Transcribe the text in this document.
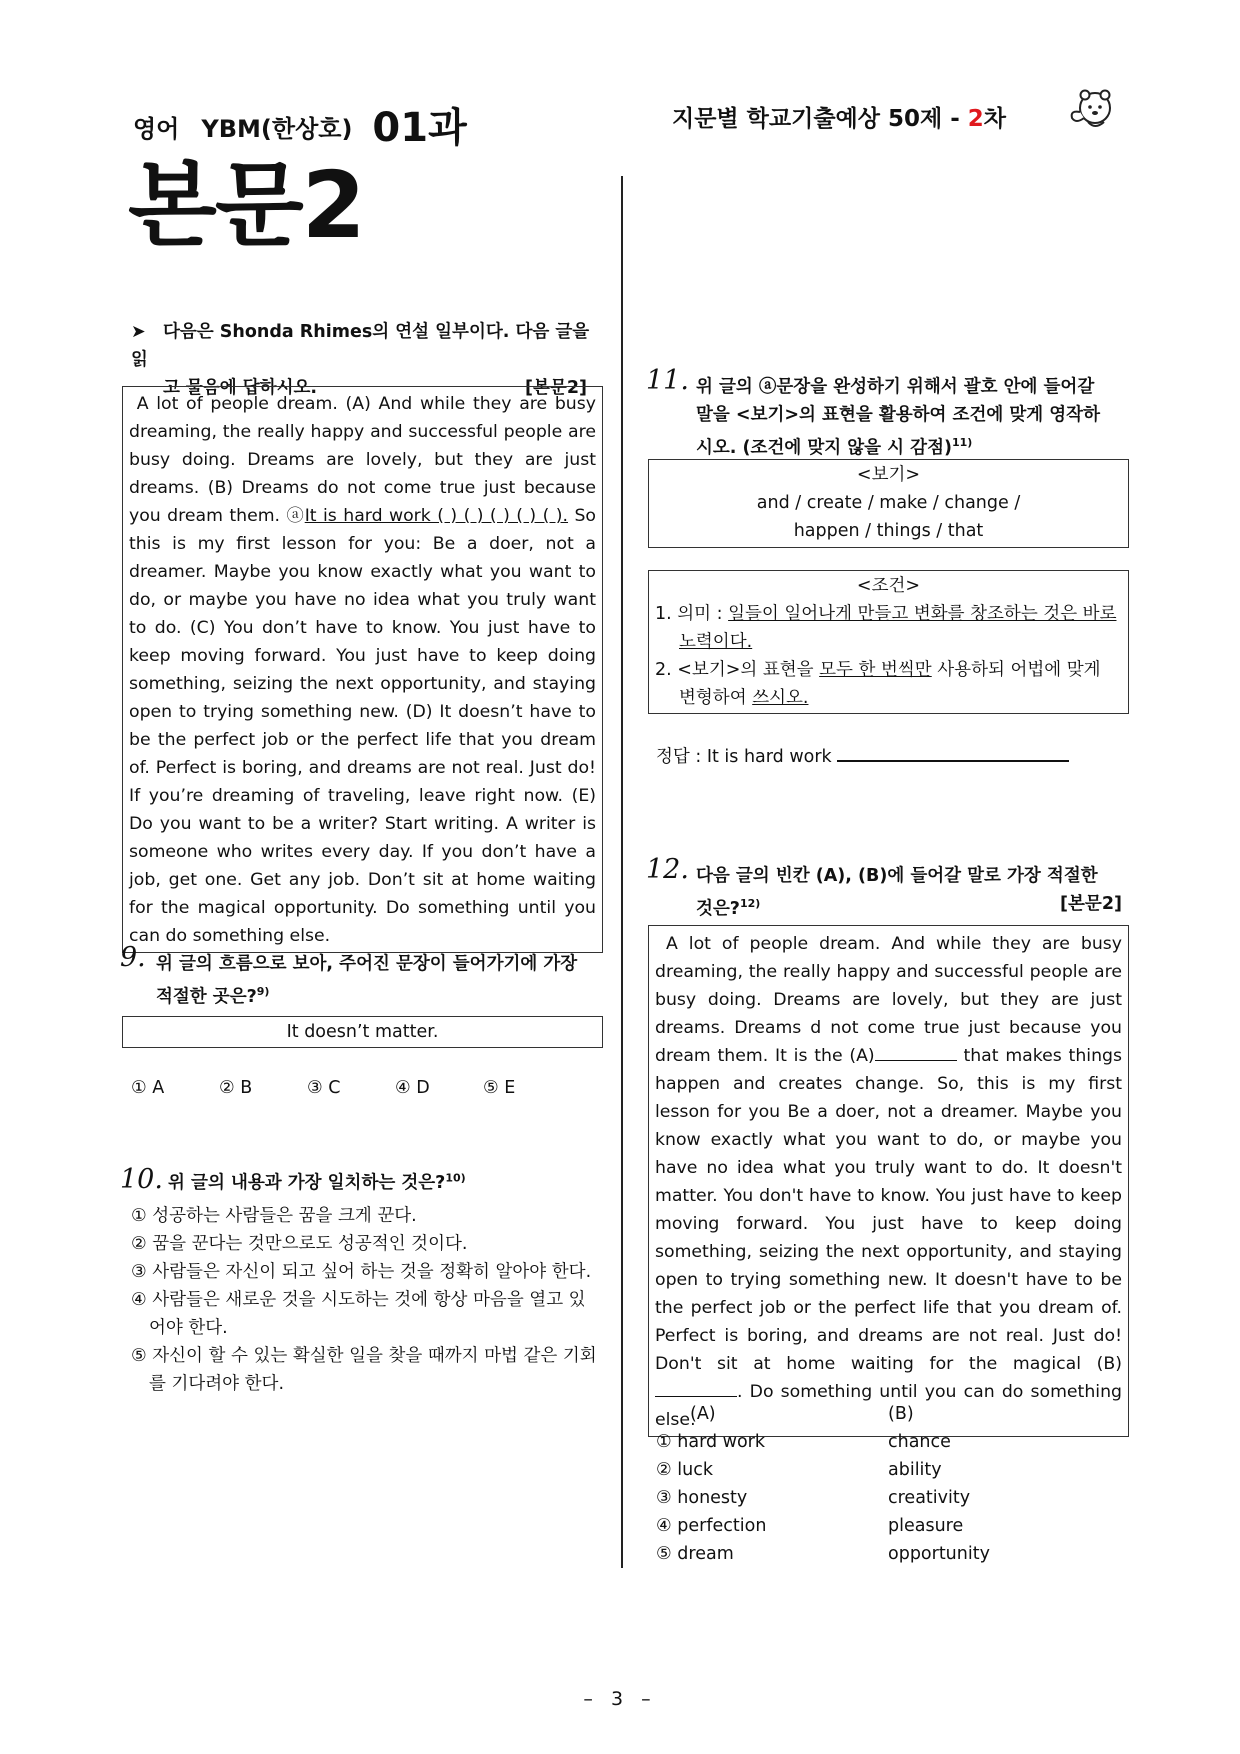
영어 YBM(한상호) 01과	지문별 학교기출예상 50제 - 2차
본문2
➤ 다음은 Shonda Rhimes의 연설 일부이다. 다음 글을 읽
고 물음에 답하시오.	[본문2]
A lot of people dream. (A) And while they are busy dreaming, the really happy and successful people are busy doing. Dreams are lovely, but they are just dreams. (B) Dreams do not come true just because you dream them. ⓐIt is hard work ( ) ( ) ( ) ( ) ( ). So this is my first lesson for you: Be a doer, not a dreamer. Maybe you know exactly what you want to do, or maybe you have no idea what you truly want to do. (C) You don’t have to know. You just have to keep moving forward. You just have to keep doing something, seizing the next opportunity, and staying open to trying something new. (D) It doesn’t have to be the perfect job or the perfect life that you dream of. Perfect is boring, and dreams are not real. Just do! If you’re dreaming of traveling, leave right now. (E) Do you want to be a writer? Start writing. A writer is someone who writes every day. If you don’t have a job, get one. Get any job. Don’t sit at home waiting for the magical opportunity. Do something until you can do something else.
9. 위 글의 흐름으로 보아, 주어진 문장이 들어가기에 가장
적절한 곳은?$^{9)}$
It doesn’t matter.
① A	② B	③ C	④ D	⑤ E
10. 위 글의 내용과 가장 일치하는 것은?$^{10)}$
① 성공하는 사람들은 꿈을 크게 꾼다.
② 꿈을 꾼다는 것만으로도 성공적인 것이다.
③ 사람들은 자신이 되고 싶어 하는 것을 정확히 알아야 한다.
④ 사람들은 새로운 것을 시도하는 것에 항상 마음을 열고 있어야 한다.
⑤ 자신이 할 수 있는 확실한 일을 찾을 때까지 마법 같은 기회를 기다려야 한다.
11. 위 글의 ⓐ문장을 완성하기 위해서 괄호 안에 들어갈
말을 <보기>의 표현을 활용하여 조건에 맞게 영작하
시오. (조건에 맞지 않을 시 감점)$^{11)}$
<보기>
and / create / make / change /
happen / things / that
<조건>
1. 의미 : 일들이 일어나게 만들고 변화를 창조하는 것은 바로 노력이다.
2. <보기>의 표현을 모두 한 번씩만 사용하되 어법에 맞게 변형하여 쓰시오.
정답 : It is hard work
12. 다음 글의 빈칸 (A), (B)에 들어갈 말로 가장 적절한
것은?$^{12)}$	[본문2]
A lot of people dream. And while they are busy dreaming, the really happy and successful people are busy doing. Dreams are lovely, but they are just dreams. Dreams d not come true just because you dream them. It is the (A)	that makes things happen and creates change. So, this is my first lesson for you Be a doer, not a dreamer. Maybe you know exactly what you want to do, or maybe you have no idea what you truly want to do. It doesn't matter. You don't have to know. You just have to keep moving forward. You just have to keep doing something, seizing the next opportunity, and staying open to trying something new. It doesn't have to be the perfect job or the perfect life that you dream of. Perfect is boring, and dreams are not real. Just do! Don't sit at home waiting for the magical (B). Do something until you can do something else.
(A)	(B)
① hard work	chance
② luck	ability
③ honesty	creativity
④ perfection	pleasure
⑤ dream	opportunity
– 3 –
